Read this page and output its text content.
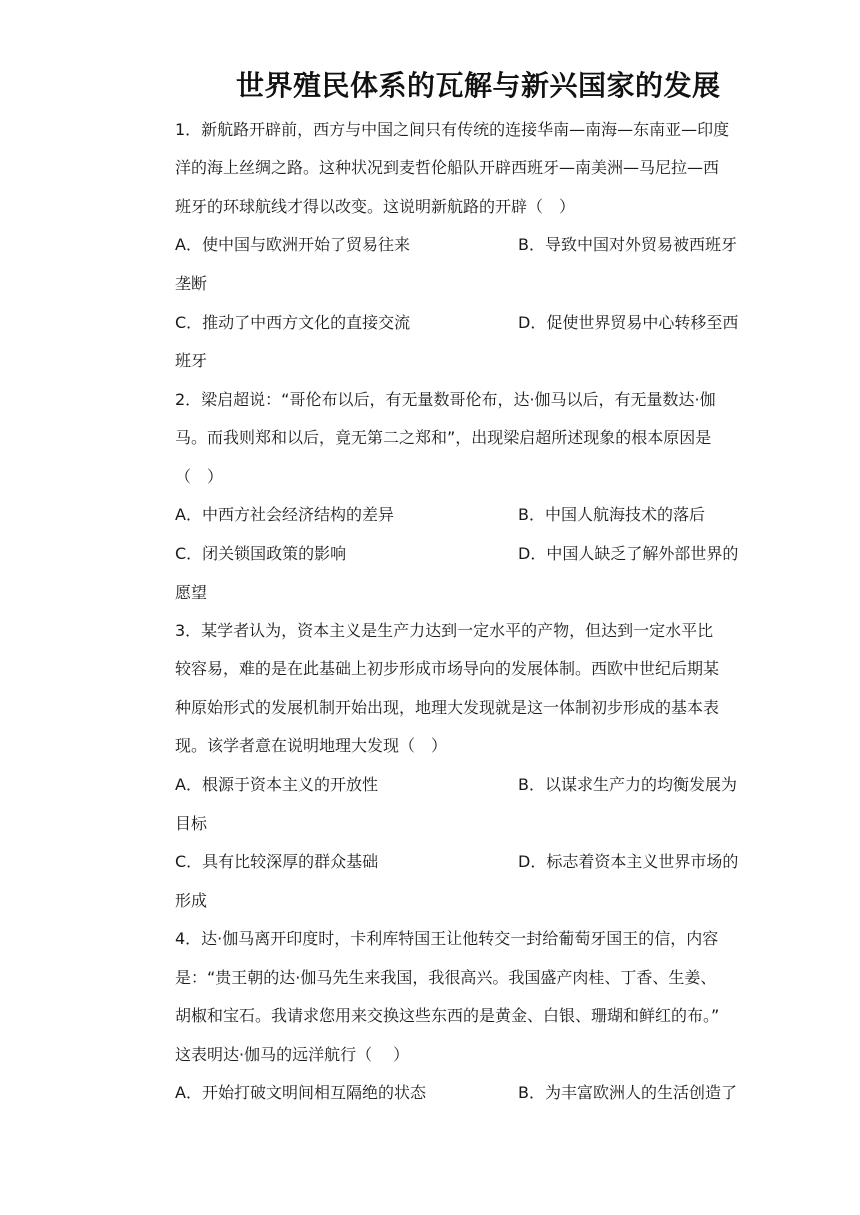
世界殖民体系的瓦解与新兴国家的发展
1．新航路开辟前，西方与中国之间只有传统的连接华南—南海—东南亚—印度
洋的海上丝绸之路。这种状况到麦哲伦船队开辟西班牙—南美洲—马尼拉—西
班牙的环球航线才得以改变。这说明新航路的开辟（　）
A．使中国与欧洲开始了贸易往来	B．导致中国对外贸易被西班牙
垄断
C．推动了中西方文化的直接交流	D．促使世界贸易中心转移至西
班牙
2．梁启超说：“哥伦布以后，有无量数哥伦布，达·伽马以后，有无量数达·伽
马。而我则郑和以后，竟无第二之郑和”，出现梁启超所述现象的根本原因是
（　）
A．中西方社会经济结构的差异	B．中国人航海技术的落后
C．闭关锁国政策的影响	D．中国人缺乏了解外部世界的
愿望
3．某学者认为，资本主义是生产力达到一定水平的产物，但达到一定水平比
较容易，难的是在此基础上初步形成市场导向的发展体制。西欧中世纪后期某
种原始形式的发展机制开始出现，地理大发现就是这一体制初步形成的基本表
现。该学者意在说明地理大发现（　）
A．根源于资本主义的开放性	B．以谋求生产力的均衡发展为
目标
C．具有比较深厚的群众基础	D．标志着资本主义世界市场的
形成
4．达·伽马离开印度时，卡利库特国王让他转交一封给葡萄牙国王的信，内容
是：“贵王朝的达·伽马先生来我国，我很高兴。我国盛产肉桂、丁香、生姜、
胡椒和宝石。我请求您用来交换这些东西的是黄金、白银、珊瑚和鲜红的布。”
这表明达·伽马的远洋航行（　 ）
A．开始打破文明间相互隔绝的状态	B．为丰富欧洲人的生活创造了
